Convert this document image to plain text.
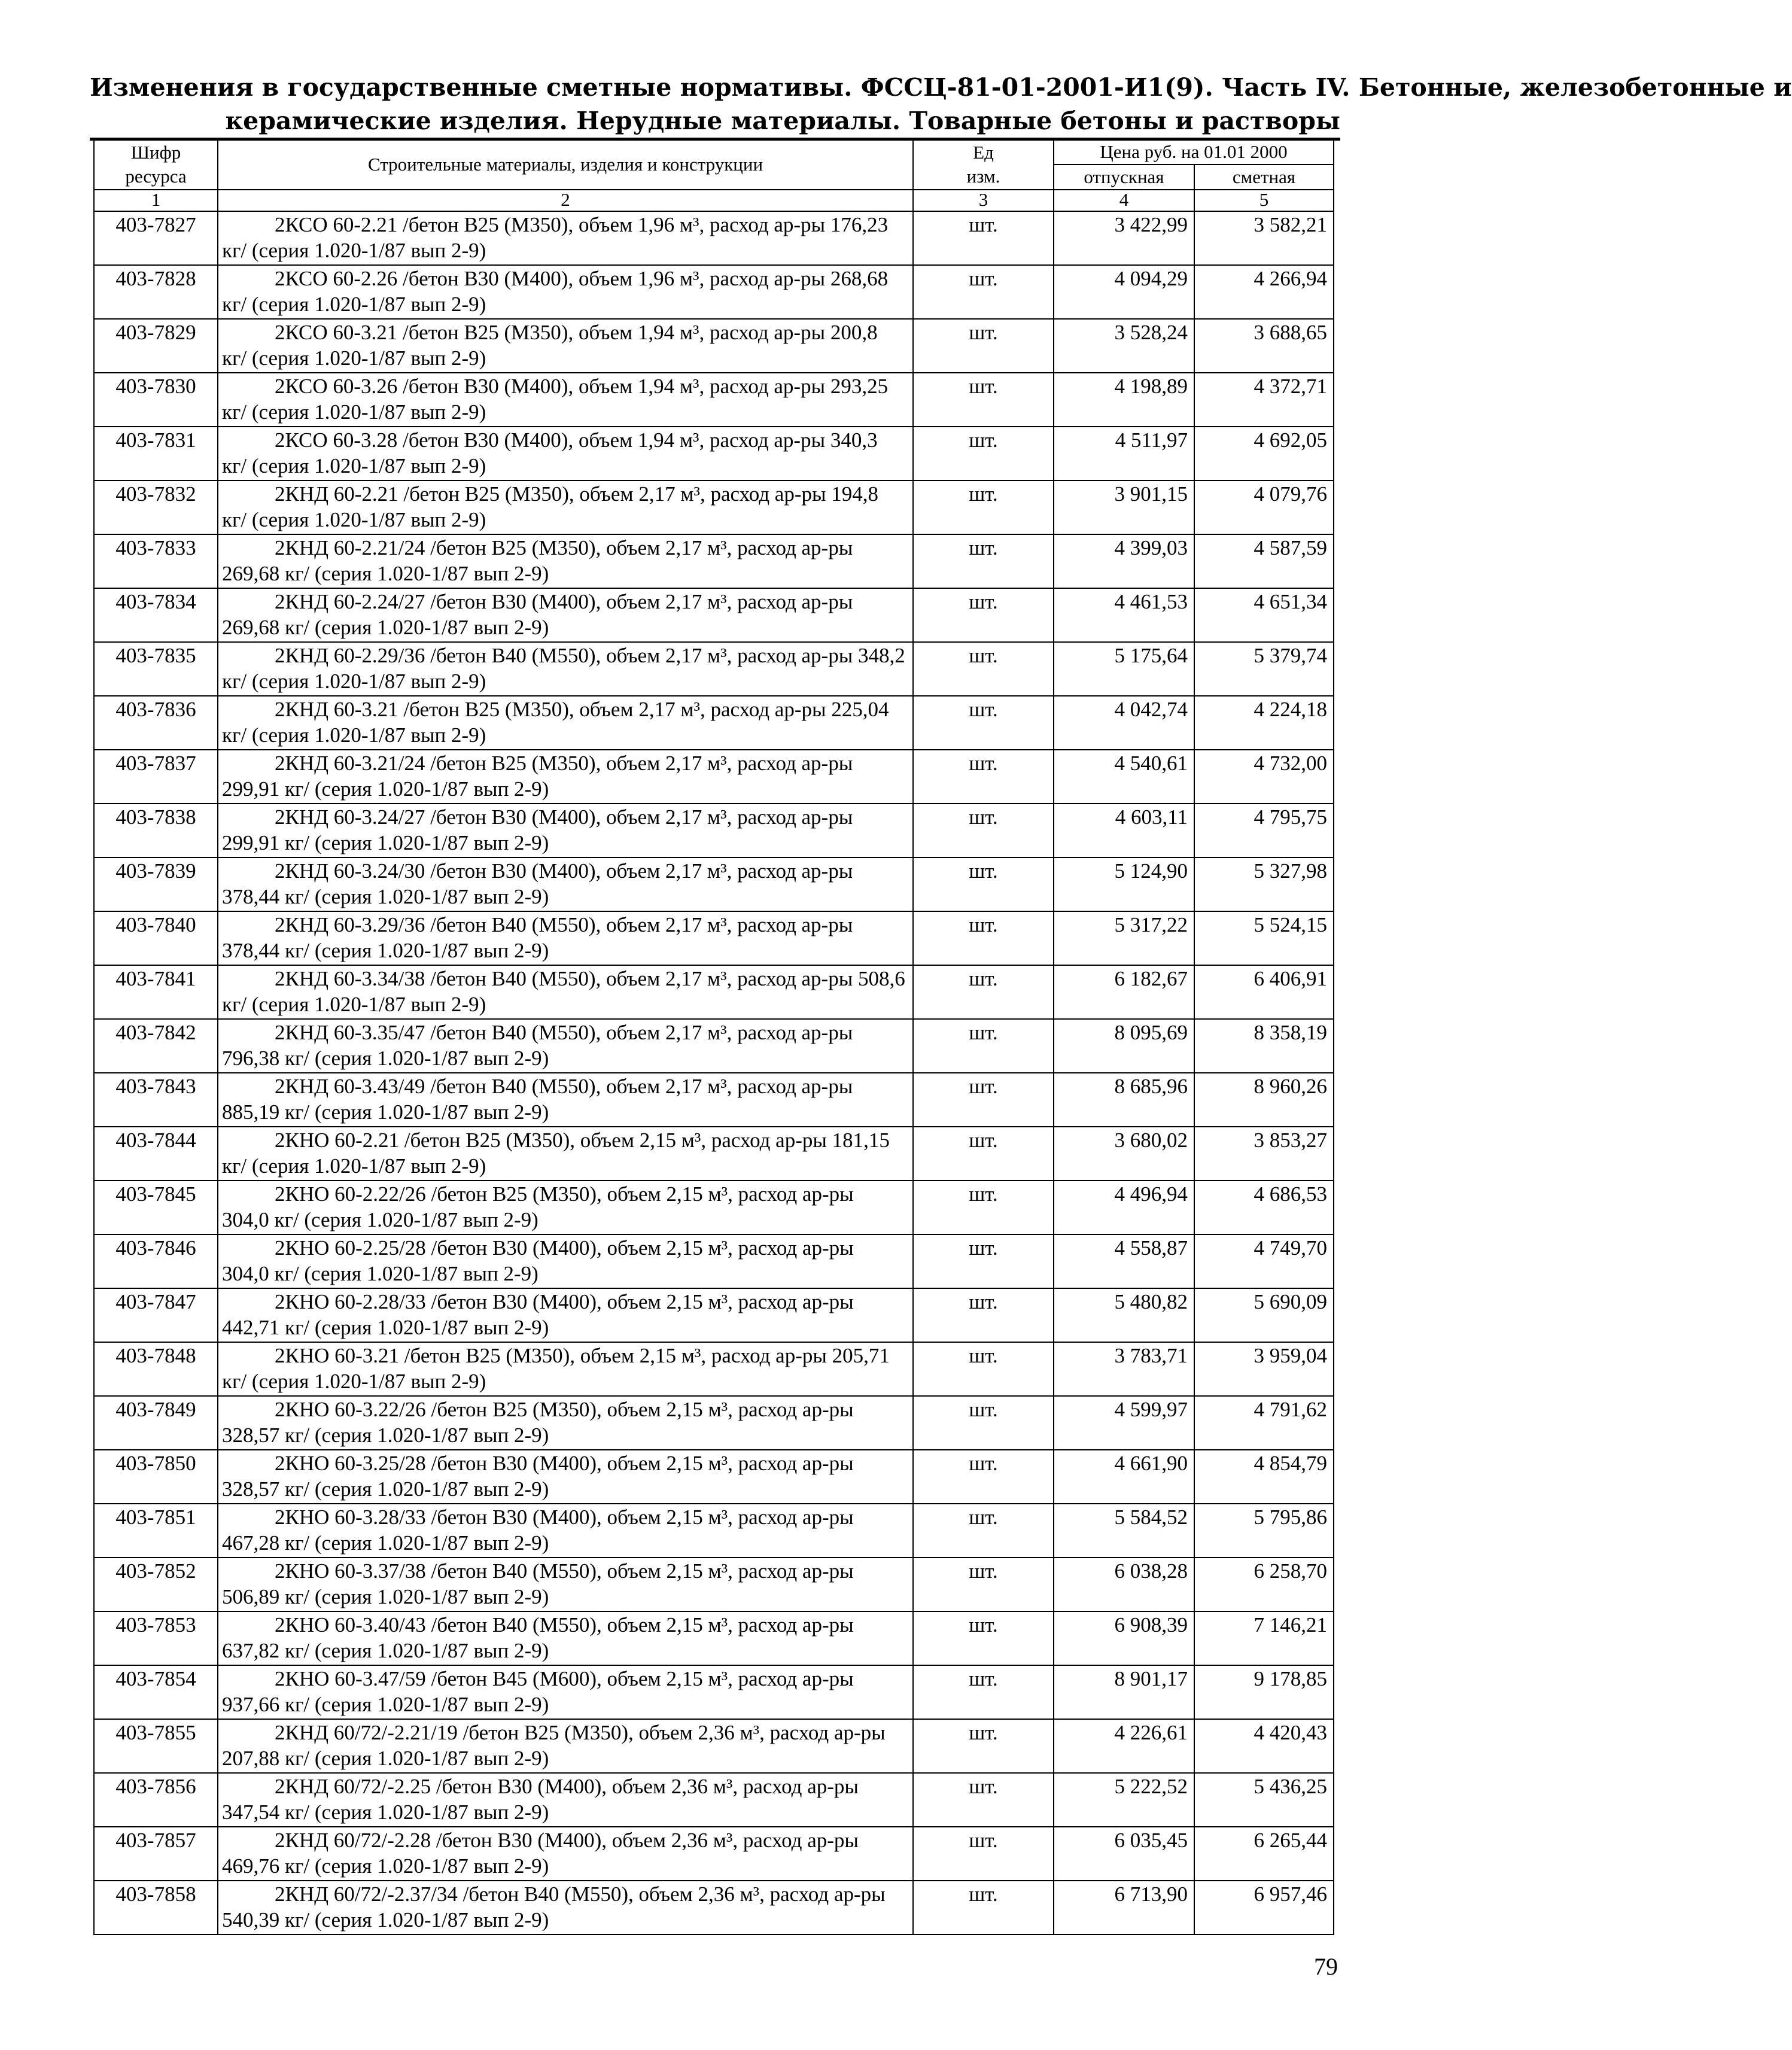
Изменения в государственные сметные нормативы. ФССЦ-81-01-2001-И1(9). Часть IV. Бетонные, железобетонные и
керамические изделия. Нерудные материалы. Товарные бетоны и растворы
Шифр
ресурса	Строительные материалы, изделия и конструкции	Ед
изм.	Цена руб. на 01.01 2000	
			отпускная	сметная
1	2	3	4	5
403-7827	2КСО 60-2.21 /бетон В25 (М350), объем 1,96 м³, расход ар-ры 176,23
кг/ (серия 1.020-1/87 вып 2-9)	шт.	3 422,99	3 582,21
403-7828	2КСО 60-2.26 /бетон В30 (М400), объем 1,96 м³, расход ар-ры 268,68
кг/ (серия 1.020-1/87 вып 2-9)	шт.	4 094,29	4 266,94
403-7829	2КСО 60-3.21 /бетон В25 (М350), объем 1,94 м³, расход ар-ры 200,8
кг/ (серия 1.020-1/87 вып 2-9)	шт.	3 528,24	3 688,65
403-7830	2КСО 60-3.26 /бетон В30 (М400), объем 1,94 м³, расход ар-ры 293,25
кг/ (серия 1.020-1/87 вып 2-9)	шт.	4 198,89	4 372,71
403-7831	2КСО 60-3.28 /бетон В30 (М400), объем 1,94 м³, расход ар-ры 340,3
кг/ (серия 1.020-1/87 вып 2-9)	шт.	4 511,97	4 692,05
403-7832	2КНД 60-2.21 /бетон В25 (М350), объем 2,17 м³, расход ар-ры 194,8
кг/ (серия 1.020-1/87 вып 2-9)	шт.	3 901,15	4 079,76
403-7833	2КНД 60-2.21/24 /бетон В25 (М350), объем 2,17 м³, расход ар-ры
269,68 кг/ (серия 1.020-1/87 вып 2-9)	шт.	4 399,03	4 587,59
403-7834	2КНД 60-2.24/27 /бетон В30 (М400), объем 2,17 м³, расход ар-ры
269,68 кг/ (серия 1.020-1/87 вып 2-9)	шт.	4 461,53	4 651,34
403-7835	2КНД 60-2.29/36 /бетон В40 (М550), объем 2,17 м³, расход ар-ры 348,2
кг/ (серия 1.020-1/87 вып 2-9)	шт.	5 175,64	5 379,74
403-7836	2КНД 60-3.21 /бетон В25 (М350), объем 2,17 м³, расход ар-ры 225,04
кг/ (серия 1.020-1/87 вып 2-9)	шт.	4 042,74	4 224,18
403-7837	2КНД 60-3.21/24 /бетон В25 (М350), объем 2,17 м³, расход ар-ры
299,91 кг/ (серия 1.020-1/87 вып 2-9)	шт.	4 540,61	4 732,00
403-7838	2КНД 60-3.24/27 /бетон В30 (М400), объем 2,17 м³, расход ар-ры
299,91 кг/ (серия 1.020-1/87 вып 2-9)	шт.	4 603,11	4 795,75
403-7839	2КНД 60-3.24/30 /бетон В30 (М400), объем 2,17 м³, расход ар-ры
378,44 кг/ (серия 1.020-1/87 вып 2-9)	шт.	5 124,90	5 327,98
403-7840	2КНД 60-3.29/36 /бетон В40 (М550), объем 2,17 м³, расход ар-ры
378,44 кг/ (серия 1.020-1/87 вып 2-9)	шт.	5 317,22	5 524,15
403-7841	2КНД 60-3.34/38 /бетон В40 (М550), объем 2,17 м³, расход ар-ры 508,6
кг/ (серия 1.020-1/87 вып 2-9)	шт.	6 182,67	6 406,91
403-7842	2КНД 60-3.35/47 /бетон В40 (М550), объем 2,17 м³, расход ар-ры
796,38 кг/ (серия 1.020-1/87 вып 2-9)	шт.	8 095,69	8 358,19
403-7843	2КНД 60-3.43/49 /бетон В40 (М550), объем 2,17 м³, расход ар-ры
885,19 кг/ (серия 1.020-1/87 вып 2-9)	шт.	8 685,96	8 960,26
403-7844	2КНО 60-2.21 /бетон В25 (М350), объем 2,15 м³, расход ар-ры 181,15
кг/ (серия 1.020-1/87 вып 2-9)	шт.	3 680,02	3 853,27
403-7845	2КНО 60-2.22/26 /бетон В25 (М350), объем 2,15 м³, расход ар-ры
304,0 кг/ (серия 1.020-1/87 вып 2-9)	шт.	4 496,94	4 686,53
403-7846	2КНО 60-2.25/28 /бетон В30 (М400), объем 2,15 м³, расход ар-ры
304,0 кг/ (серия 1.020-1/87 вып 2-9)	шт.	4 558,87	4 749,70
403-7847	2КНО 60-2.28/33 /бетон В30 (М400), объем 2,15 м³, расход ар-ры
442,71 кг/ (серия 1.020-1/87 вып 2-9)	шт.	5 480,82	5 690,09
403-7848	2КНО 60-3.21 /бетон В25 (М350), объем 2,15 м³, расход ар-ры 205,71
кг/ (серия 1.020-1/87 вып 2-9)	шт.	3 783,71	3 959,04
403-7849	2КНО 60-3.22/26 /бетон В25 (М350), объем 2,15 м³, расход ар-ры
328,57 кг/ (серия 1.020-1/87 вып 2-9)	шт.	4 599,97	4 791,62
403-7850	2КНО 60-3.25/28 /бетон В30 (М400), объем 2,15 м³, расход ар-ры
328,57 кг/ (серия 1.020-1/87 вып 2-9)	шт.	4 661,90	4 854,79
403-7851	2КНО 60-3.28/33 /бетон В30 (М400), объем 2,15 м³, расход ар-ры
467,28 кг/ (серия 1.020-1/87 вып 2-9)	шт.	5 584,52	5 795,86
403-7852	2КНО 60-3.37/38 /бетон В40 (М550), объем 2,15 м³, расход ар-ры
506,89 кг/ (серия 1.020-1/87 вып 2-9)	шт.	6 038,28	6 258,70
403-7853	2КНО 60-3.40/43 /бетон В40 (М550), объем 2,15 м³, расход ар-ры
637,82 кг/ (серия 1.020-1/87 вып 2-9)	шт.	6 908,39	7 146,21
403-7854	2КНО 60-3.47/59 /бетон В45 (М600), объем 2,15 м³, расход ар-ры
937,66 кг/ (серия 1.020-1/87 вып 2-9)	шт.	8 901,17	9 178,85
403-7855	2КНД 60/72/-2.21/19 /бетон В25 (М350), объем 2,36 м³, расход ар-ры
207,88 кг/ (серия 1.020-1/87 вып 2-9)	шт.	4 226,61	4 420,43
403-7856	2КНД 60/72/-2.25 /бетон В30 (М400), объем 2,36 м³, расход ар-ры
347,54 кг/ (серия 1.020-1/87 вып 2-9)	шт.	5 222,52	5 436,25
403-7857	2КНД 60/72/-2.28 /бетон В30 (М400), объем 2,36 м³, расход ар-ры
469,76 кг/ (серия 1.020-1/87 вып 2-9)	шт.	6 035,45	6 265,44
403-7858	2КНД 60/72/-2.37/34 /бетон В40 (М550), объем 2,36 м³, расход ар-ры
540,39 кг/ (серия 1.020-1/87 вып 2-9)	шт.	6 713,90	6 957,46
79
